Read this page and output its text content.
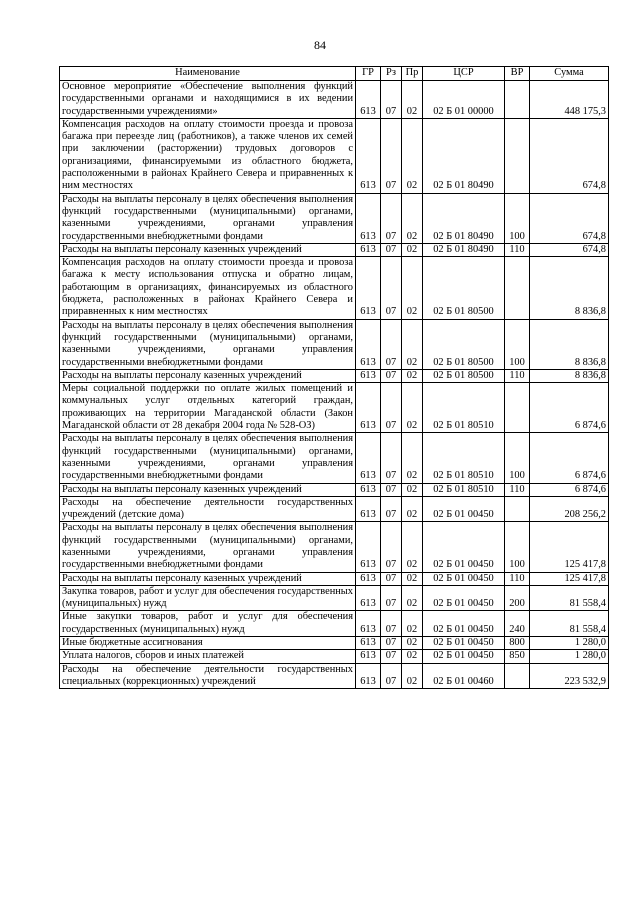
84
Наименование	ГР	Рз	Пр	ЦСР	ВР	Сумма
Основное мероприятие «Обеспечение выполнения функций государственными органами и находящимися в их ведении государственными учреждениями»	613	07	02	02 Б 01 00000		448 175,3
Компенсация расходов на оплату стоимости проезда и провоза багажа при переезде лиц (работников), а также членов их семей при заключении (расторжении) трудовых договоров с организациями, финансируемыми из областного бюджета, расположенными в районах Крайнего Севера и приравненных к ним местностях	613	07	02	02 Б 01 80490		674,8
Расходы на выплаты персоналу в целях обеспечения выполнения функций государственными (муниципальными) органами, казенными учреждениями, органами управления государственными внебюджетными фондами	613	07	02	02 Б 01 80490	100	674,8
Расходы на выплаты персоналу казенных учреждений	613	07	02	02 Б 01 80490	110	674,8
Компенсация расходов на оплату стоимости проезда и провоза багажа к месту использования отпуска и обратно лицам, работающим в организациях, финансируемых из областного бюджета, расположенных в районах Крайнего Севера и приравненных к ним местностях	613	07	02	02 Б 01 80500		8 836,8
Расходы на выплаты персоналу в целях обеспечения выполнения функций государственными (муниципальными) органами, казенными учреждениями, органами управления государственными внебюджетными фондами	613	07	02	02 Б 01 80500	100	8 836,8
Расходы на выплаты персоналу казенных учреждений	613	07	02	02 Б 01 80500	110	8 836,8
Меры социальной поддержки по оплате жилых помещений и коммунальных услуг отдельных категорий граждан, проживающих на территории Магаданской области (Закон Магаданской области от 28 декабря 2004 года № 528-ОЗ)	613	07	02	02 Б 01 80510		6 874,6
Расходы на выплаты персоналу в целях обеспечения выполнения функций государственными (муниципальными) органами, казенными учреждениями, органами управления государственными внебюджетными фондами	613	07	02	02 Б 01 80510	100	6 874,6
Расходы на выплаты персоналу казенных учреждений	613	07	02	02 Б 01 80510	110	6 874,6
Расходы на обеспечение деятельности государственных учреждений (детские дома)	613	07	02	02 Б 01 00450		208 256,2
Расходы на выплаты персоналу в целях обеспечения выполнения функций государственными (муниципальными) органами, казенными учреждениями, органами управления государственными внебюджетными фондами	613	07	02	02 Б 01 00450	100	125 417,8
Расходы на выплаты персоналу казенных учреждений	613	07	02	02 Б 01 00450	110	125 417,8
Закупка товаров, работ и услуг для обеспечения государственных (муниципальных) нужд	613	07	02	02 Б 01 00450	200	81 558,4
Иные закупки товаров, работ и услуг для обеспечения государственных (муниципальных) нужд	613	07	02	02 Б 01 00450	240	81 558,4
Иные бюджетные ассигнования	613	07	02	02 Б 01 00450	800	1 280,0
Уплата налогов, сборов и иных платежей	613	07	02	02 Б 01 00450	850	1 280,0
Расходы на обеспечение деятельности государственных специальных (коррекционных) учреждений	613	07	02	02 Б 01 00460		223 532,9
